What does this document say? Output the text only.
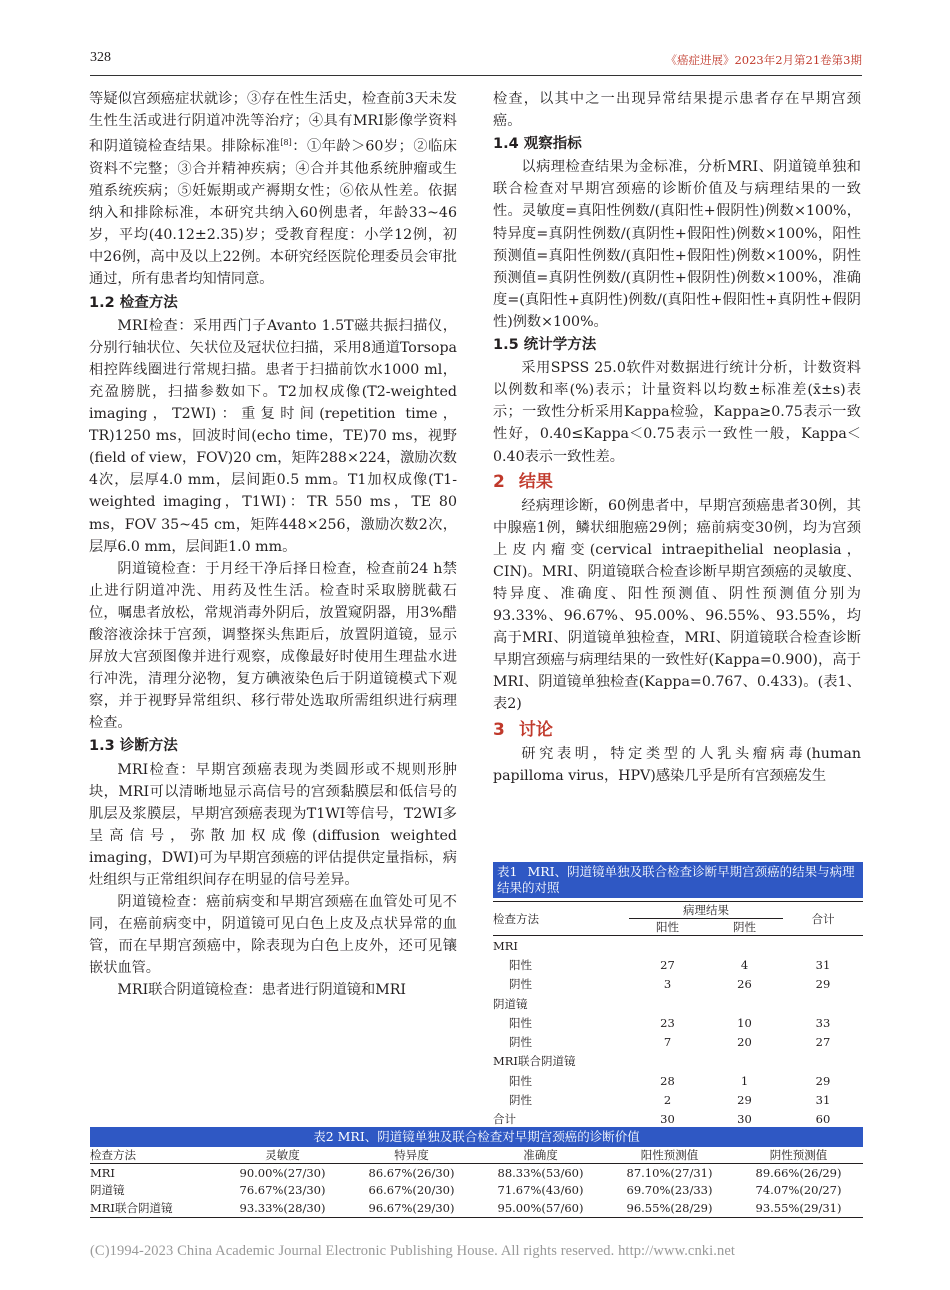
328	《癌症进展》2023年2月第21卷第3期

等疑似宫颈癌症状就诊；③存在性生活史，检查前3天未发生性生活或进行阴道冲洗等治疗；④具有MRI影像学资料和阴道镜检查结果。排除标准[8]：①年龄＞60岁；②临床资料不完整；③合并精神疾病；④合并其他系统肿瘤或生殖系统疾病；⑤妊娠期或产褥期女性；⑥依从性差。依据纳入和排除标准，本研究共纳入60例患者，年龄33~46岁，平均(40.12±2.35)岁；受教育程度：小学12例，初中26例，高中及以上22例。本研究经医院伦理委员会审批通过，所有患者均知情同意。

1.2 检查方法

MRI检查：采用西门子Avanto 1.5T磁共振扫描仪，分别行轴状位、矢状位及冠状位扫描，采用8通道Torsopa相控阵线圈进行常规扫描。患者于扫描前饮水1000 ml，充盈膀胱，扫描参数如下。T2加权成像(T2-weighted imaging，T2WI)：重复时间(repetition time，TR)1250 ms，回波时间(echo time，TE)70 ms，视野(field of view，FOV)20 cm，矩阵288×224，激励次数4次，层厚4.0 mm，层间距0.5 mm。T1加权成像(T1-weighted imaging，T1WI)：TR 550 ms，TE 80 ms，FOV 35~45 cm，矩阵448×256，激励次数2次，层厚6.0 mm，层间距1.0 mm。

阴道镜检查：于月经干净后择日检查，检查前24 h禁止进行阴道冲洗、用药及性生活。检查时采取膀胱截石位，嘱患者放松，常规消毒外阴后，放置窥阴器，用3%醋酸溶液涂抹于宫颈，调整探头焦距后，放置阴道镜，显示屏放大宫颈图像并进行观察，成像最好时使用生理盐水进行冲洗，清理分泌物，复方碘液染色后于阴道镜模式下观察，并于视野异常组织、移行带处选取所需组织进行病理检查。

1.3 诊断方法

MRI检查：早期宫颈癌表现为类圆形或不规则形肿块，MRI可以清晰地显示高信号的宫颈黏膜层和低信号的肌层及浆膜层，早期宫颈癌表现为T1WI等信号，T2WI多呈高信号，弥散加权成像(diffusion weighted imaging，DWI)可为早期宫颈癌的评估提供定量指标，病灶组织与正常组织间存在明显的信号差异。

阴道镜检查：癌前病变和早期宫颈癌在血管处可见不同，在癌前病变中，阴道镜可见白色上皮及点状异常的血管，而在早期宫颈癌中，除表现为白色上皮外，还可见镶嵌状血管。

MRI联合阴道镜检查：患者进行阴道镜和MRI

检查，以其中之一出现异常结果提示患者存在早期宫颈癌。

1.4 观察指标

以病理检查结果为金标准，分析MRI、阴道镜单独和联合检查对早期宫颈癌的诊断价值及与病理结果的一致性。灵敏度=真阳性例数/(真阳性+假阴性)例数×100%，特异度=真阴性例数/(真阴性+假阳性)例数×100%，阳性预测值=真阳性例数/(真阳性+假阳性)例数×100%，阴性预测值=真阴性例数/(真阴性+假阴性)例数×100%，准确度=(真阳性+真阴性)例数/(真阳性+假阳性+真阴性+假阴性)例数×100%。

1.5 统计学方法

采用SPSS 25.0软件对数据进行统计分析，计数资料以例数和率(%)表示；计量资料以均数±标准差(x̄±s)表示；一致性分析采用Kappa检验，Kappa≥0.75表示一致性好，0.40≤Kappa＜0.75表示一致性一般，Kappa＜0.40表示一致性差。

2 结果

经病理诊断，60例患者中，早期宫颈癌患者30例，其中腺癌1例，鳞状细胞癌29例；癌前病变30例，均为宫颈上皮内瘤变(cervical intraepithelial neoplasia，CIN)。MRI、阴道镜联合检查诊断早期宫颈癌的灵敏度、特异度、准确度、阳性预测值、阴性预测值分别为93.33%、96.67%、95.00%、96.55%、93.55%，均高于MRI、阴道镜单独检查，MRI、阴道镜联合检查诊断早期宫颈癌与病理结果的一致性好(Kappa=0.900)，高于MRI、阴道镜单独检查(Kappa=0.767、0.433)。(表1、表2)

3 讨论

研究表明，特定类型的人乳头瘤病毒(human papilloma virus，HPV)感染几乎是所有宫颈癌发生

表1 MRI、阴道镜单独及联合检查诊断早期宫颈癌的结果与病理结果的对照
检查方法	病理结果		合计
	阳性	阴性	
MRI			
阳性	27	4	31
阴性	3	26	29
阴道镜			
阳性	23	10	33
阴性	7	20	27
MRI联合阴道镜			
阳性	28	1	29
阴性	2	29	31
合计	30	30	60
表2 MRI、阴道镜单独及联合检查对早期宫颈癌的诊断价值
检查方法	灵敏度	特异度	准确度	阳性预测值	阴性预测值
MRI	90.00%(27/30)	86.67%(26/30)	88.33%(53/60)	87.10%(27/31)	89.66%(26/29)
阴道镜	76.67%(23/30)	66.67%(20/30)	71.67%(43/60)	69.70%(23/33)	74.07%(20/27)
MRI联合阴道镜	93.33%(28/30)	96.67%(29/30)	95.00%(57/60)	96.55%(28/29)	93.55%(29/31)
(C)1994-2023 China Academic Journal Electronic Publishing House. All rights reserved. http://www.cnki.net
